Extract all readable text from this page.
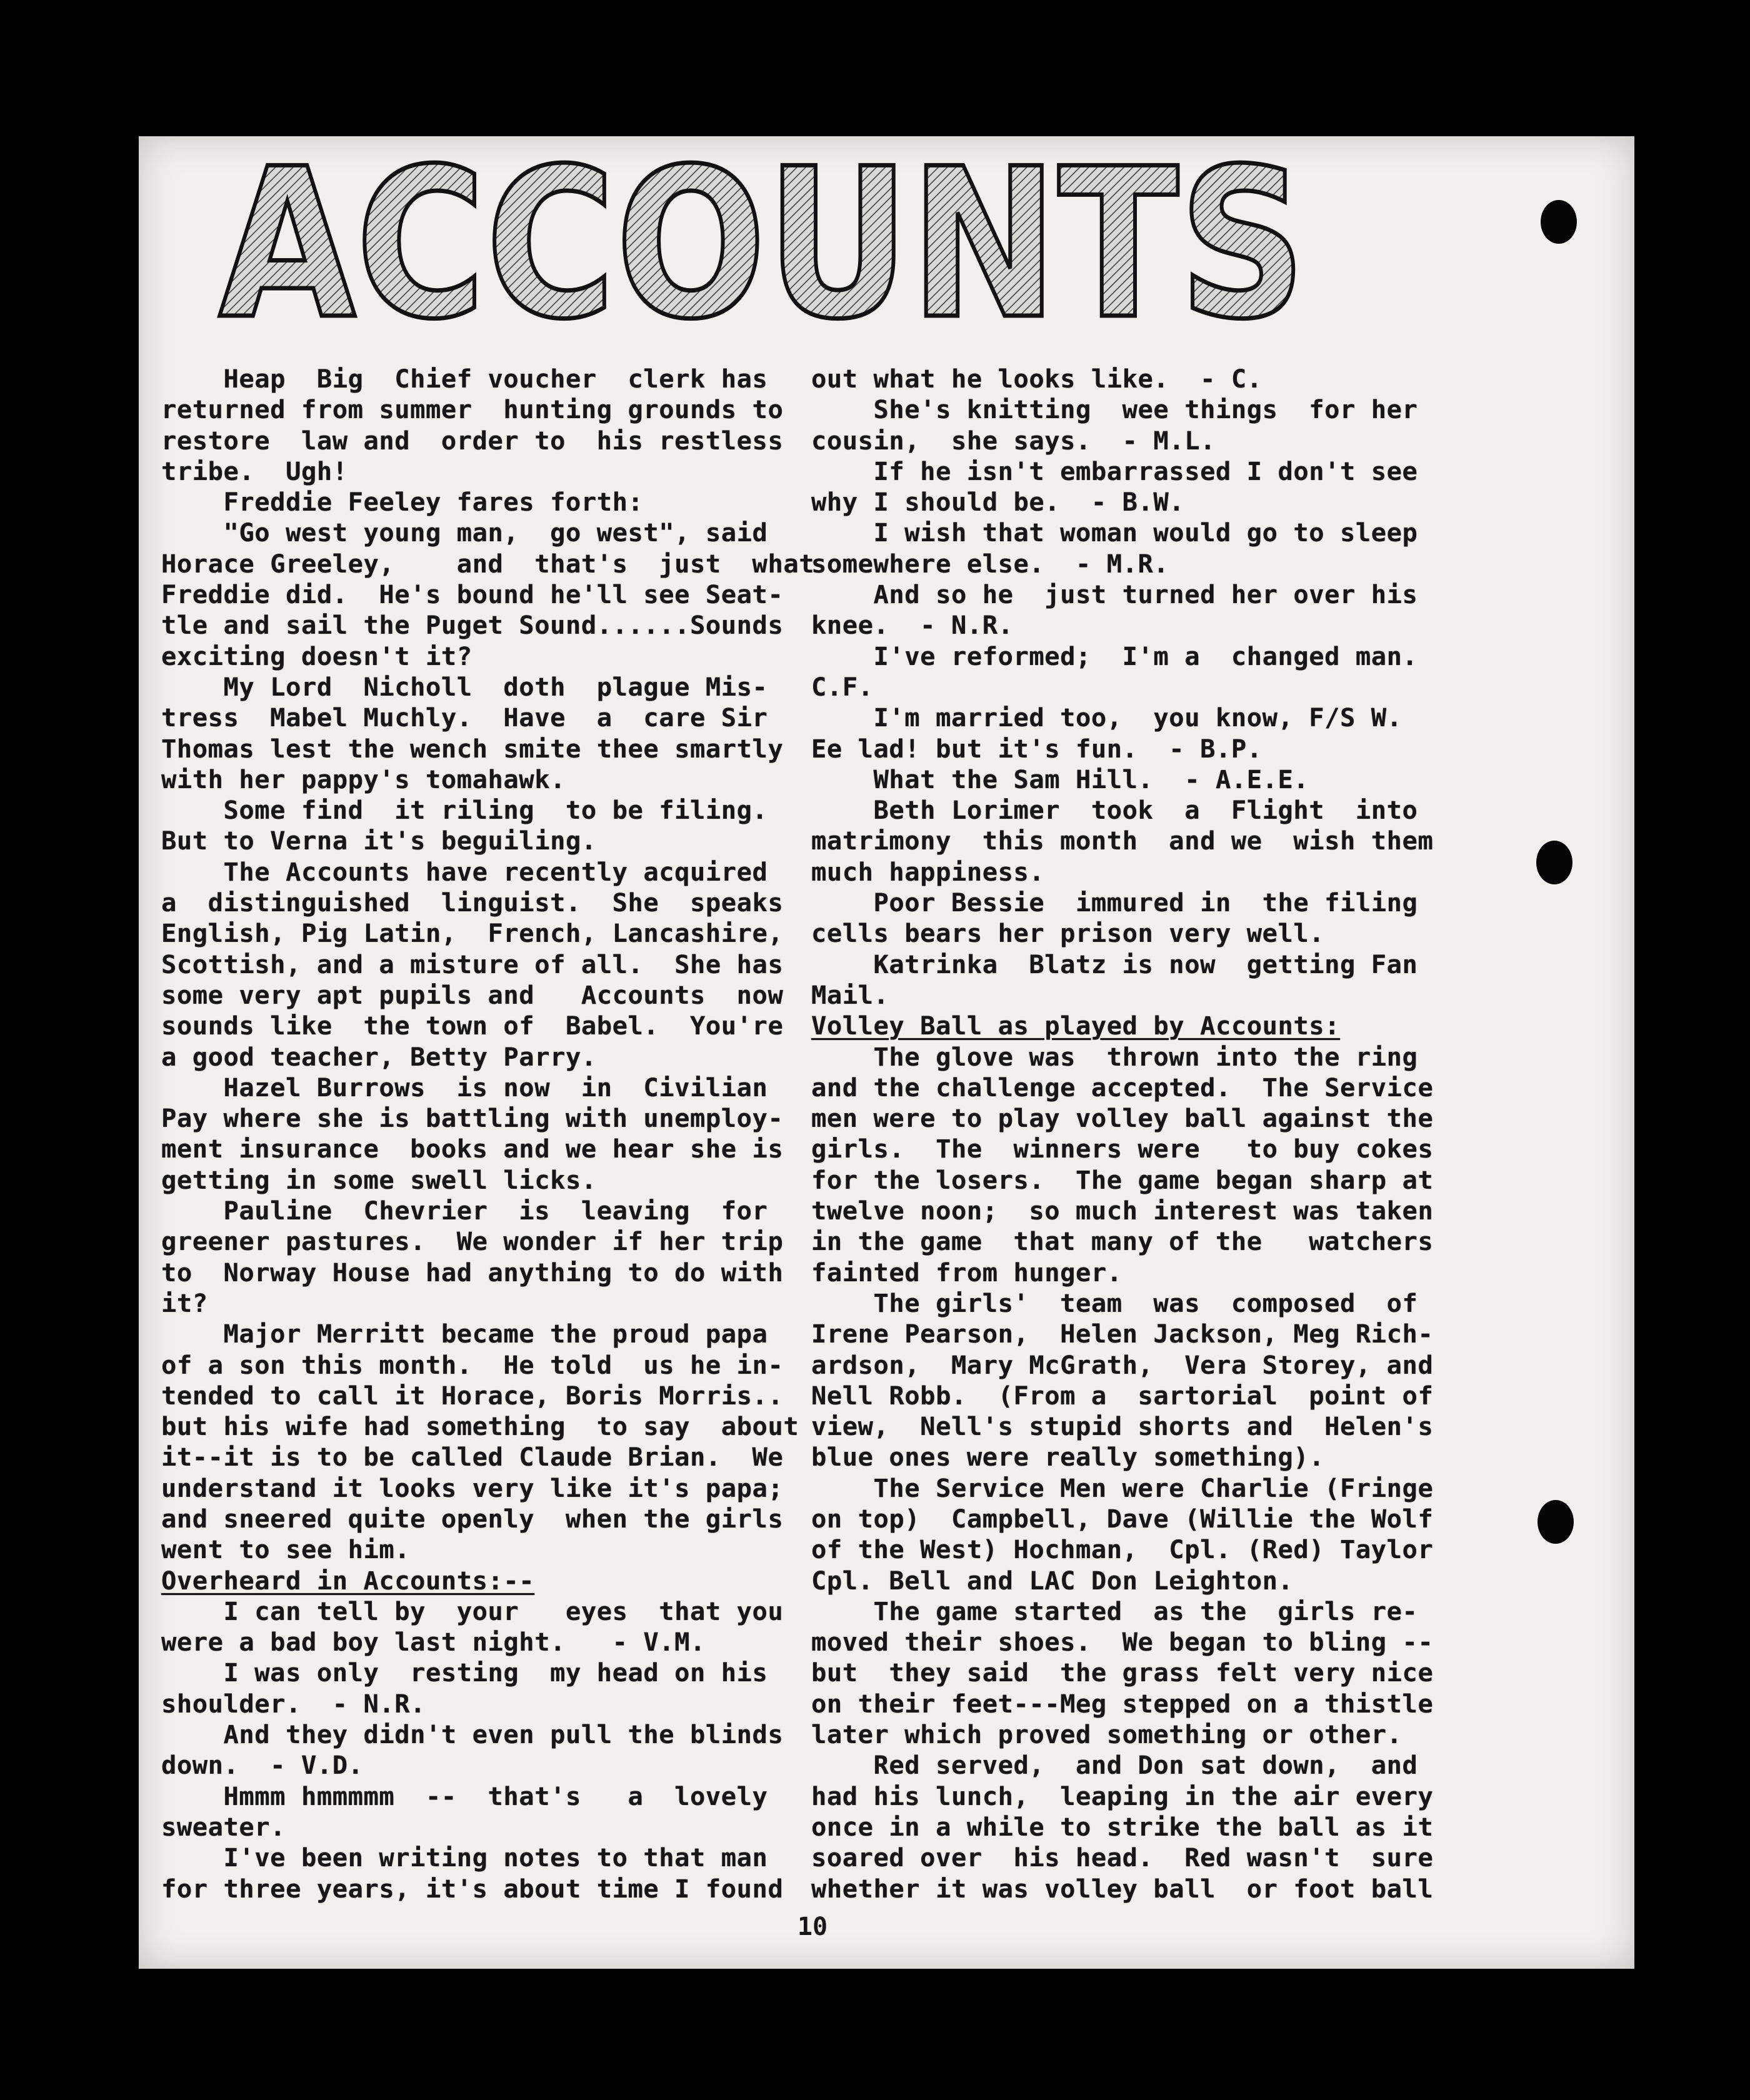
ACCOUNTS

Heap  Big  Chief voucher  clerk has

returned from summer  hunting grounds to

restore  law and  order to  his restless

tribe.  Ugh!

Freddie Feeley fares forth:

"Go west young man,  go west", said

Horace Greeley,    and  that's  just  what

Freddie did.  He's bound he'll see Seat-

tle and sail the Puget Sound......Sounds

exciting doesn't it?

My Lord  Nicholl  doth  plague Mis-

tress  Mabel Muchly.  Have  a  care Sir

Thomas lest the wench smite thee smartly

with her pappy's tomahawk.

Some find  it riling  to be filing.

But to Verna it's beguiling.

The Accounts have recently acquired

a  distinguished  linguist.  She  speaks

English, Pig Latin,  French, Lancashire,

Scottish, and a misture of all.  She has

some very apt pupils and   Accounts  now

sounds like  the town of  Babel.  You're

a good teacher, Betty Parry.

Hazel Burrows  is now  in  Civilian

Pay where she is battling with unemploy-

ment insurance  books and we hear she is

getting in some swell licks.

Pauline  Chevrier  is  leaving  for

greener pastures.  We wonder if her trip

to  Norway House had anything to do with

it?

Major Merritt became the proud papa

of a son this month.  He told  us he in-

tended to call it Horace, Boris Morris..

but his wife had something  to say  about

it--it is to be called Claude Brian.  We

understand it looks very like it's papa;

and sneered quite openly  when the girls

went to see him.

Overheard in Accounts:--

I can tell by  your   eyes  that you

were a bad boy last night.   - V.M.

I was only  resting  my head on his

shoulder.  - N.R.

And they didn't even pull the blinds

down.  - V.D.

Hmmm hmmmmm  --  that's   a  lovely

sweater.

I've been writing notes to that man

for three years, it's about time I found

out what he looks like.  - C.

She's knitting  wee things  for her

cousin,  she says.  - M.L.

If he isn't embarrassed I don't see

why I should be.  - B.W.

I wish that woman would go to sleep

somewhere else.  - M.R.

And so he  just turned her over his

knee.  - N.R.

I've reformed;  I'm a  changed man.

C.F.

I'm married too,  you know, F/S W.

Ee lad! but it's fun.  - B.P.

What the Sam Hill.  - A.E.E.

Beth Lorimer  took  a  Flight  into

matrimony  this month  and we  wish them

much happiness.

Poor Bessie  immured in  the filing

cells bears her prison very well.

Katrinka  Blatz is now  getting Fan

Mail.

Volley Ball as played by Accounts:

The glove was  thrown into the ring

and the challenge accepted.  The Service

men were to play volley ball against the

girls.  The  winners were   to buy cokes

for the losers.  The game began sharp at

twelve noon;  so much interest was taken

in the game  that many of the   watchers

fainted from hunger.

The girls'  team  was  composed  of

Irene Pearson,  Helen Jackson, Meg Rich-

ardson,  Mary McGrath,  Vera Storey, and

Nell Robb.  (From a  sartorial  point of

view,  Nell's stupid shorts and  Helen's

blue ones were really something).

The Service Men were Charlie (Fringe

on top)  Campbell, Dave (Willie the Wolf

of the West) Hochman,  Cpl. (Red) Taylor

Cpl. Bell and LAC Don Leighton.

The game started  as the  girls re-

moved their shoes.  We began to bling --

but  they said  the grass felt very nice

on their feet---Meg stepped on a thistle

later which proved something or other.

Red served,  and Don sat down,  and

had his lunch,  leaping in the air every

once in a while to strike the ball as it

soared over  his head.  Red wasn't  sure

whether it was volley ball  or foot ball

10
